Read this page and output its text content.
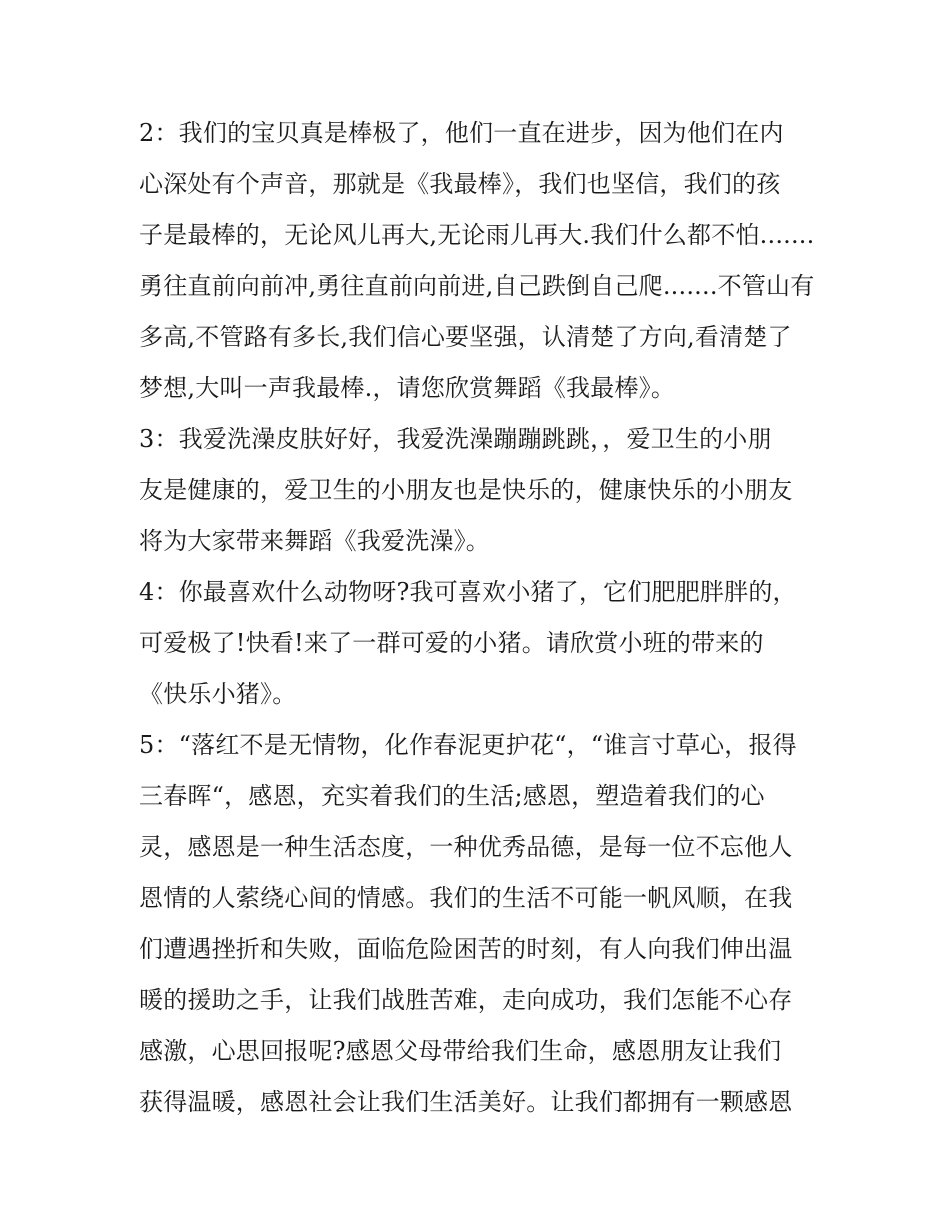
2：我们的宝贝真是棒极了，他们一直在进步，因为他们在内
心深处有个声音，那就是《我最棒》，我们也坚信，我们的孩
子是最棒的，无论风儿再大,无论雨儿再大.我们什么都不怕.......
勇往直前向前冲,勇往直前向前进,自己跌倒自己爬.......不管山有
多高,不管路有多长,我们信心要坚强，认清楚了方向,看清楚了
梦想,大叫一声我最棒.，请您欣赏舞蹈《我最棒》。
3：我爱洗澡皮肤好好，我爱洗澡蹦蹦跳跳，，爱卫生的小朋
友是健康的，爱卫生的小朋友也是快乐的，健康快乐的小朋友
将为大家带来舞蹈《我爱洗澡》。
4：你最喜欢什么动物呀?我可喜欢小猪了，它们肥肥胖胖的，
可爱极了!快看!来了一群可爱的小猪。请欣赏小班的带来的
《快乐小猪》。
5：“落红不是无情物，化作春泥更护花“，“谁言寸草心，报得
三春晖“，感恩，充实着我们的生活;感恩，塑造着我们的心
灵，感恩是一种生活态度，一种优秀品德，是每一位不忘他人
恩情的人萦绕心间的情感。我们的生活不可能一帆风顺，在我
们遭遇挫折和失败，面临危险困苦的时刻，有人向我们伸出温
暖的援助之手，让我们战胜苦难，走向成功，我们怎能不心存
感激，心思回报呢?感恩父母带给我们生命，感恩朋友让我们
获得温暖，感恩社会让我们生活美好。让我们都拥有一颗感恩
